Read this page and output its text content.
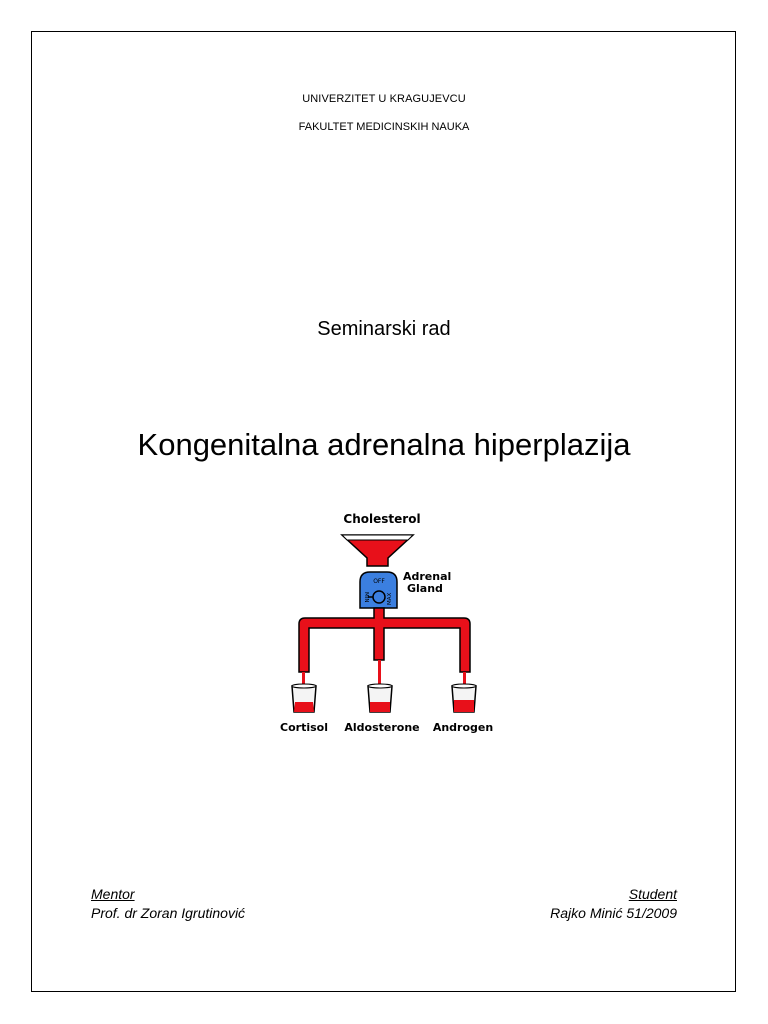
UNIVERZITET U KRAGUJEVCU
FAKULTET MEDICINSKIH NAUKA
Seminarski rad
Kongenitalna adrenalna hiperplazija
Cholesterol
OFF
MIN	MAX
Adrenal
Gland
Cortisol Aldosterone Androgen
Mentor
Prof. dr Zoran Igrutinović
Student
Rajko Minić 51/2009
